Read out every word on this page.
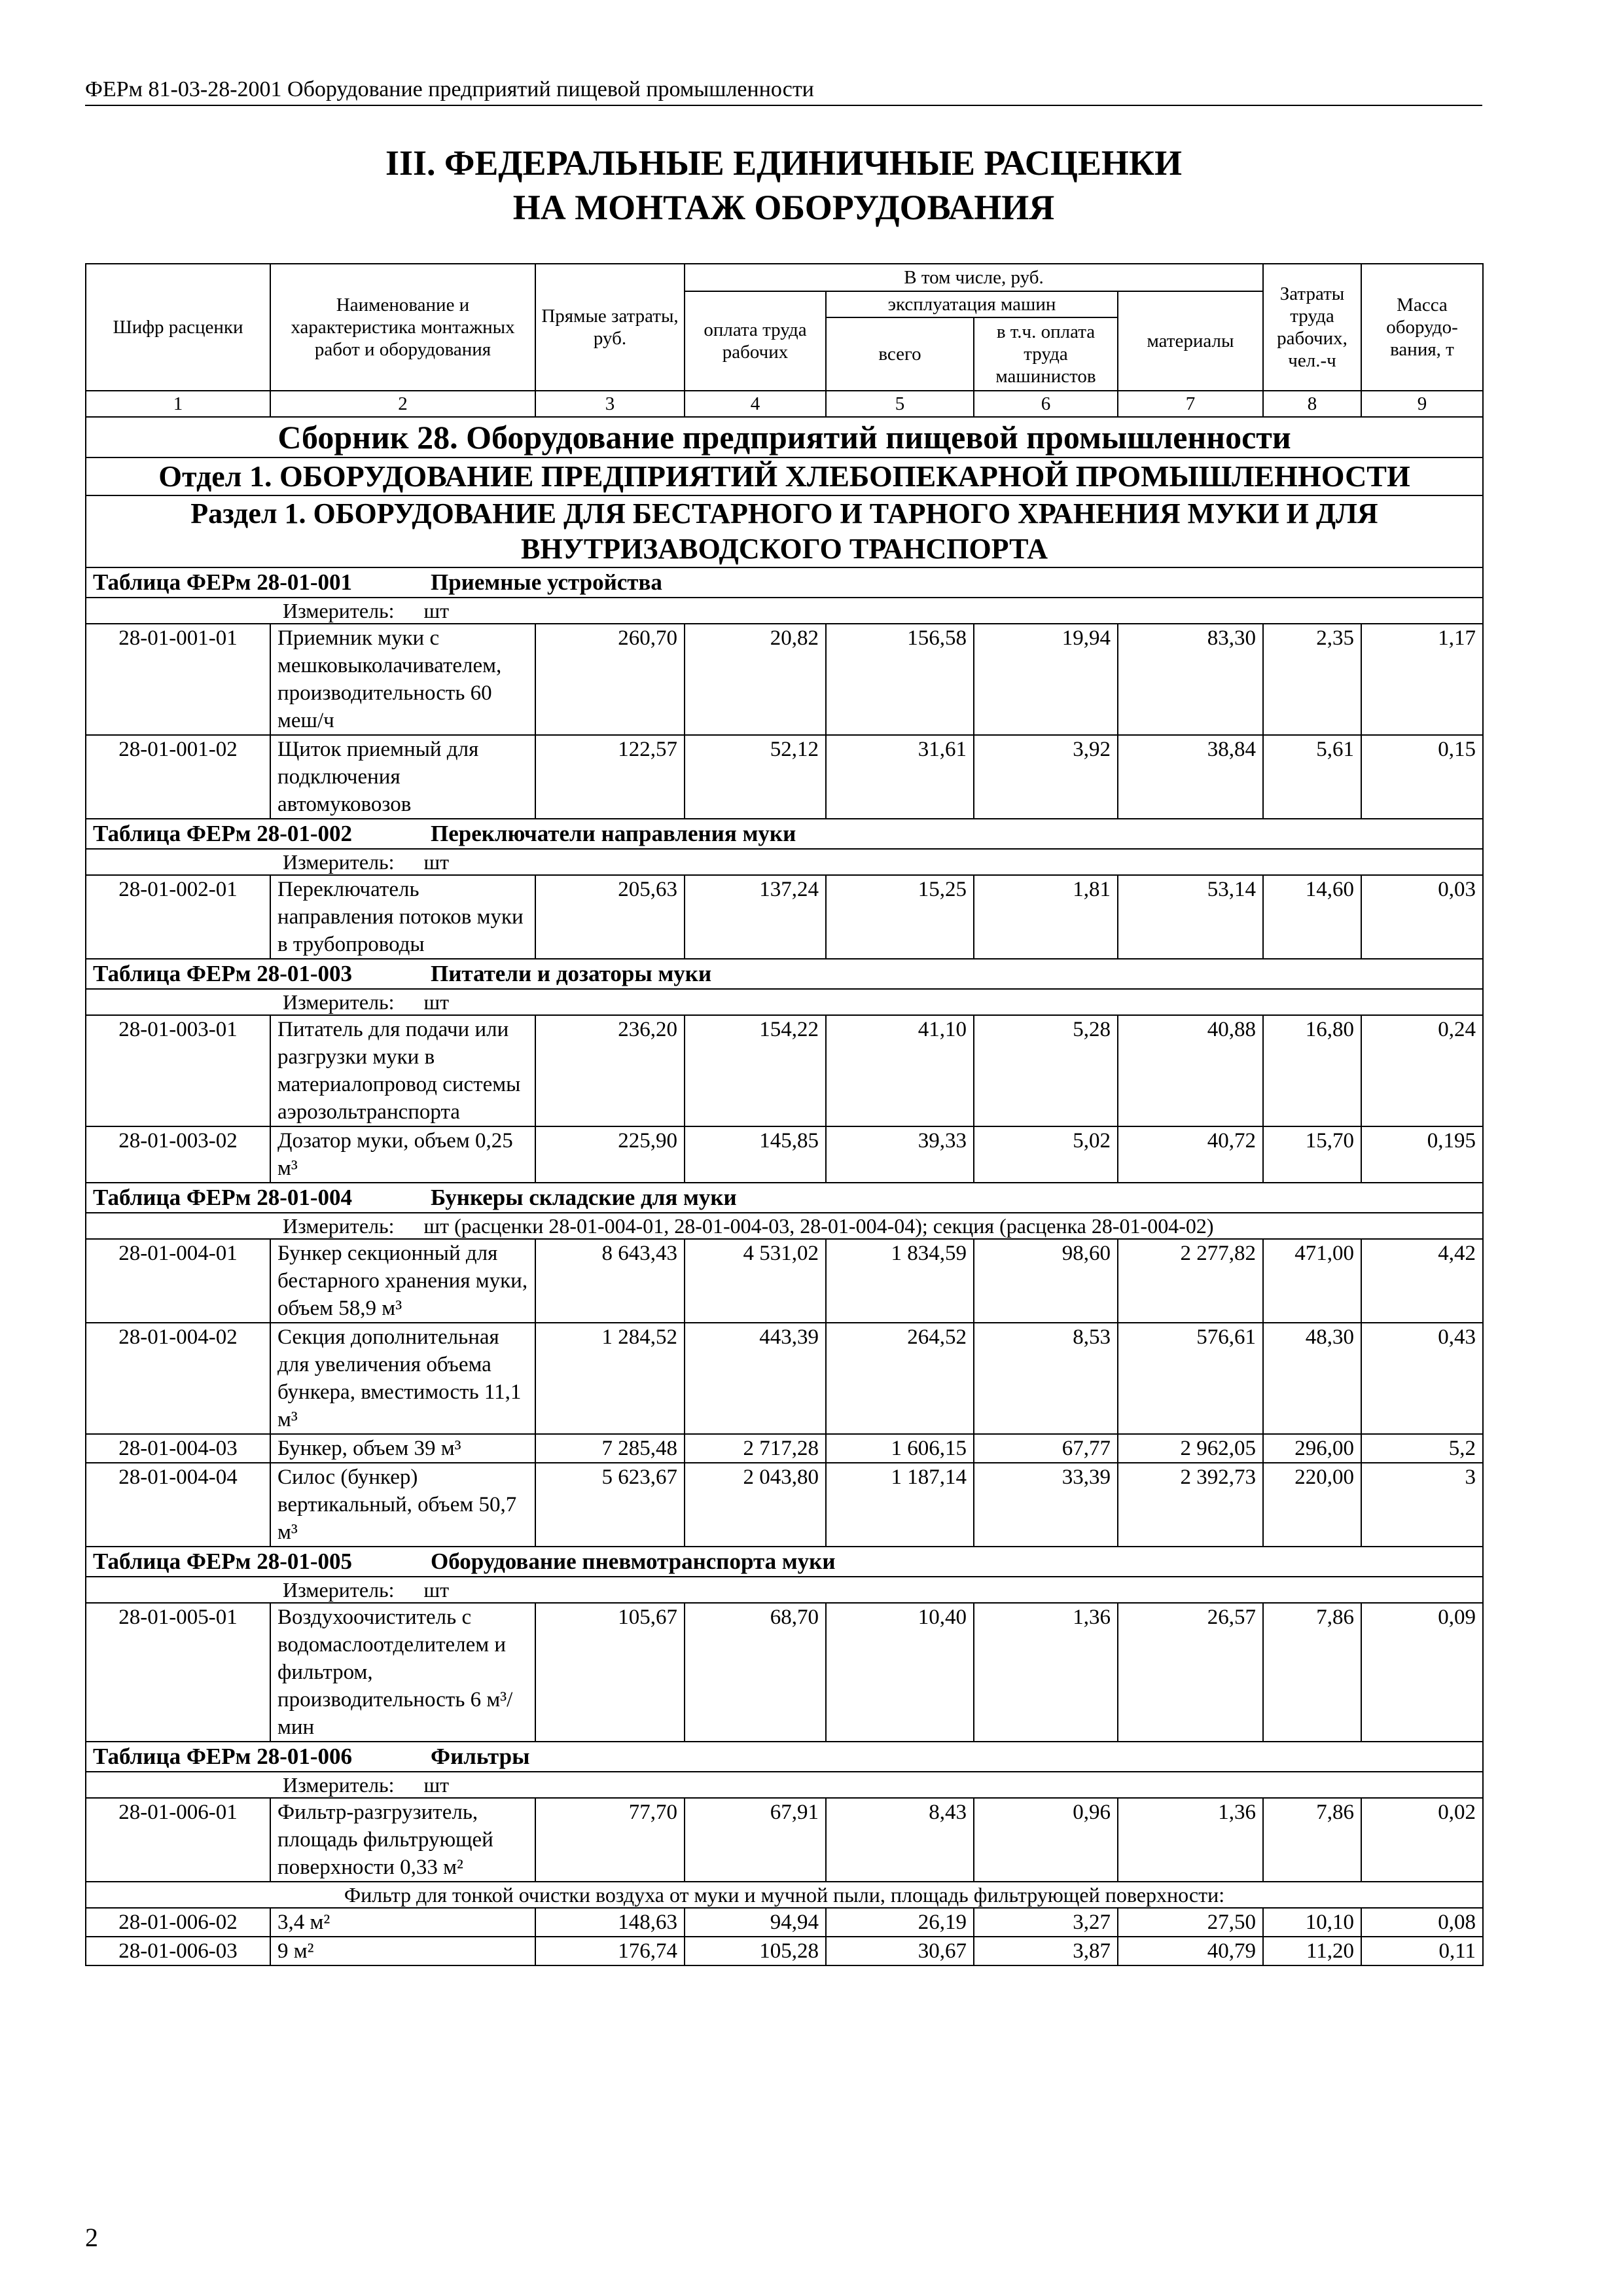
ФЕРм 81-03-28-2001 Оборудование предприятий пищевой промышленности
III. ФЕДЕРАЛЬНЫЕ ЕДИНИЧНЫЕ РАСЦЕНКИ
НА МОНТАЖ ОБОРУДОВАНИЯ
Шифр расценки	Наименование и характеристика монтажных работ и оборудования	Прямые затраты, руб.	В том числе, руб.				Затраты труда рабочих, чел.-ч	Масса оборудо-вания, т
			оплата труда рабочих	эксплуатация машин		материалы		
				всего	в т.ч. оплата труда машинистов			
1	2	3	4	5	6	7	8	9
Сборник 28. Оборудование предприятий пищевой промышленности								
Отдел 1. ОБОРУДОВАНИЕ ПРЕДПРИЯТИЙ ХЛЕБОПЕКАРНОЙ ПРОМЫШЛЕННОСТИ								
Раздел 1. ОБОРУДОВАНИЕ ДЛЯ БЕСТАРНОГО И ТАРНОГО ХРАНЕНИЯ МУКИ И ДЛЯ ВНУТРИЗАВОДСКОГО ТРАНСПОРТА								
Таблица ФЕРм 28-01-001 Приемные устройства								
Измеритель: шт								
28-01-001-01	Приемник муки с мешковыколачивателем, производительность 60 меш/ч	260,70	20,82	156,58	19,94	83,30	2,35	1,17
28-01-001-02	Щиток приемный для подключения автомуковозов	122,57	52,12	31,61	3,92	38,84	5,61	0,15
Таблица ФЕРм 28-01-002 Переключатели направления муки								
Измеритель: шт								
28-01-002-01	Переключатель направления потоков муки в трубопроводы	205,63	137,24	15,25	1,81	53,14	14,60	0,03
Таблица ФЕРм 28-01-003 Питатели и дозаторы муки								
Измеритель: шт								
28-01-003-01	Питатель для подачи или разгрузки муки в материалопровод системы аэрозольтранспорта	236,20	154,22	41,10	5,28	40,88	16,80	0,24
28-01-003-02	Дозатор муки, объем 0,25 м³	225,90	145,85	39,33	5,02	40,72	15,70	0,195
Таблица ФЕРм 28-01-004 Бункеры складские для муки								
Измеритель: шт (расценки 28-01-004-01, 28-01-004-03, 28-01-004-04); секция (расценка 28-01-004-02)								
28-01-004-01	Бункер секционный для бестарного хранения муки, объем 58,9 м³	8 643,43	4 531,02	1 834,59	98,60	2 277,82	471,00	4,42
28-01-004-02	Секция дополнительная для увеличения объема бункера, вместимость 11,1 м³	1 284,52	443,39	264,52	8,53	576,61	48,30	0,43
28-01-004-03	Бункер, объем 39 м³	7 285,48	2 717,28	1 606,15	67,77	2 962,05	296,00	5,2
28-01-004-04	Силос (бункер) вертикальный, объем 50,7 м³	5 623,67	2 043,80	1 187,14	33,39	2 392,73	220,00	3
Таблица ФЕРм 28-01-005 Оборудование пневмотранспорта муки								
Измеритель: шт								
28-01-005-01	Воздухоочиститель с водомаслоотделителем и фильтром, производительность 6 м³/мин	105,67	68,70	10,40	1,36	26,57	7,86	0,09
Таблица ФЕРм 28-01-006 Фильтры								
Измеритель: шт								
28-01-006-01	Фильтр-разгрузитель, площадь фильтрующей поверхности 0,33 м²	77,70	67,91	8,43	0,96	1,36	7,86	0,02
Фильтр для тонкой очистки воздуха от муки и мучной пыли, площадь фильтрующей поверхности:								
28-01-006-02	3,4 м²	148,63	94,94	26,19	3,27	27,50	10,10	0,08
28-01-006-03	9 м²	176,74	105,28	30,67	3,87	40,79	11,20	0,11
2
